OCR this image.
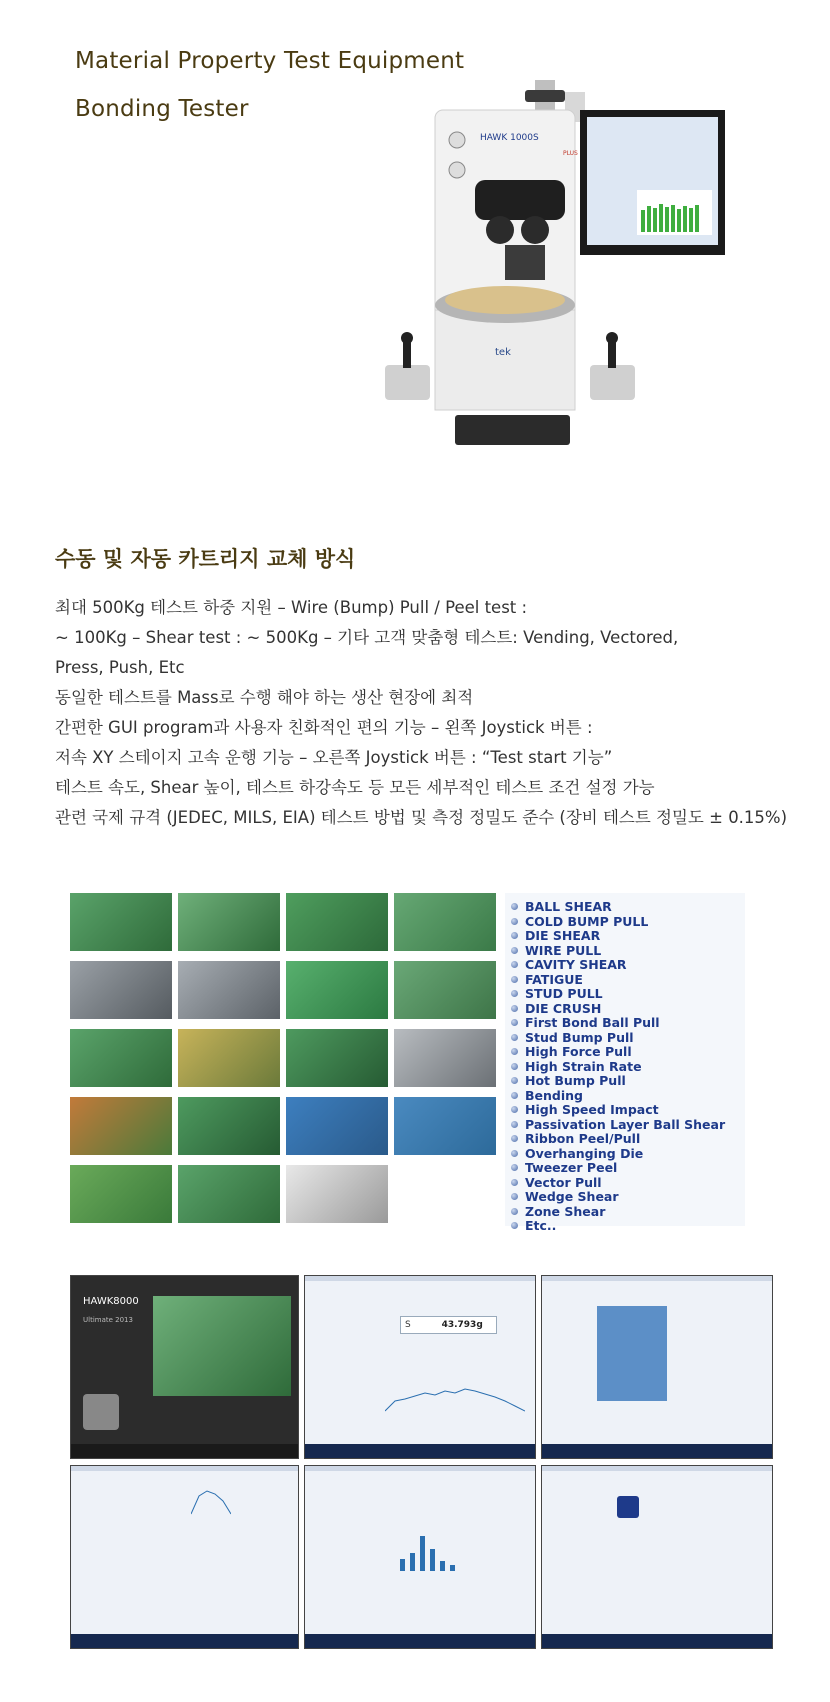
Material Property Test Equipment
Bonding Tester
tek
HAWK 1000S
PLUS
수동 및 자동 카트리지 교체 방식
최대 500Kg 테스트 하중 지원 – Wire (Bump) Pull / Peel test :
~ 100Kg – Shear test : ~ 500Kg – 기타 고객 맞춤형 테스트: Vending, Vectored,
Press, Push, Etc
동일한 테스트를 Mass로 수행 해야 하는 생산 현장에 최적
간편한 GUI program과 사용자 친화적인 편의 기능 – 왼쪽 Joystick 버튼 :
저속 XY 스테이지 고속 운행 기능 – 오른쪽 Joystick 버튼 : “Test start 기능”
테스트 속도, Shear 높이, 테스트 하강속도 등 모든 세부적인 테스트 조건 설정 가능
관련 국제 규격 (JEDEC, MILS, EIA) 테스트 방법 및 측정 정밀도 준수 (장비 테스트 정밀도 ± 0.15%)
BALL SHEAR
COLD BUMP PULL
DIE SHEAR
WIRE PULL
CAVITY SHEAR
FATIGUE
STUD PULL
DIE CRUSH
First Bond Ball Pull
Stud Bump Pull
High Force Pull
High Strain Rate
Hot Bump Pull
Bending
High Speed Impact
Passivation Layer Ball Shear
Ribbon Peel/Pull
Overhanging Die
Tweezer Peel
Vector Pull
Wedge Shear
Zone Shear
Etc..
HAWK8000
Ultimate 2013	S	43.793g
